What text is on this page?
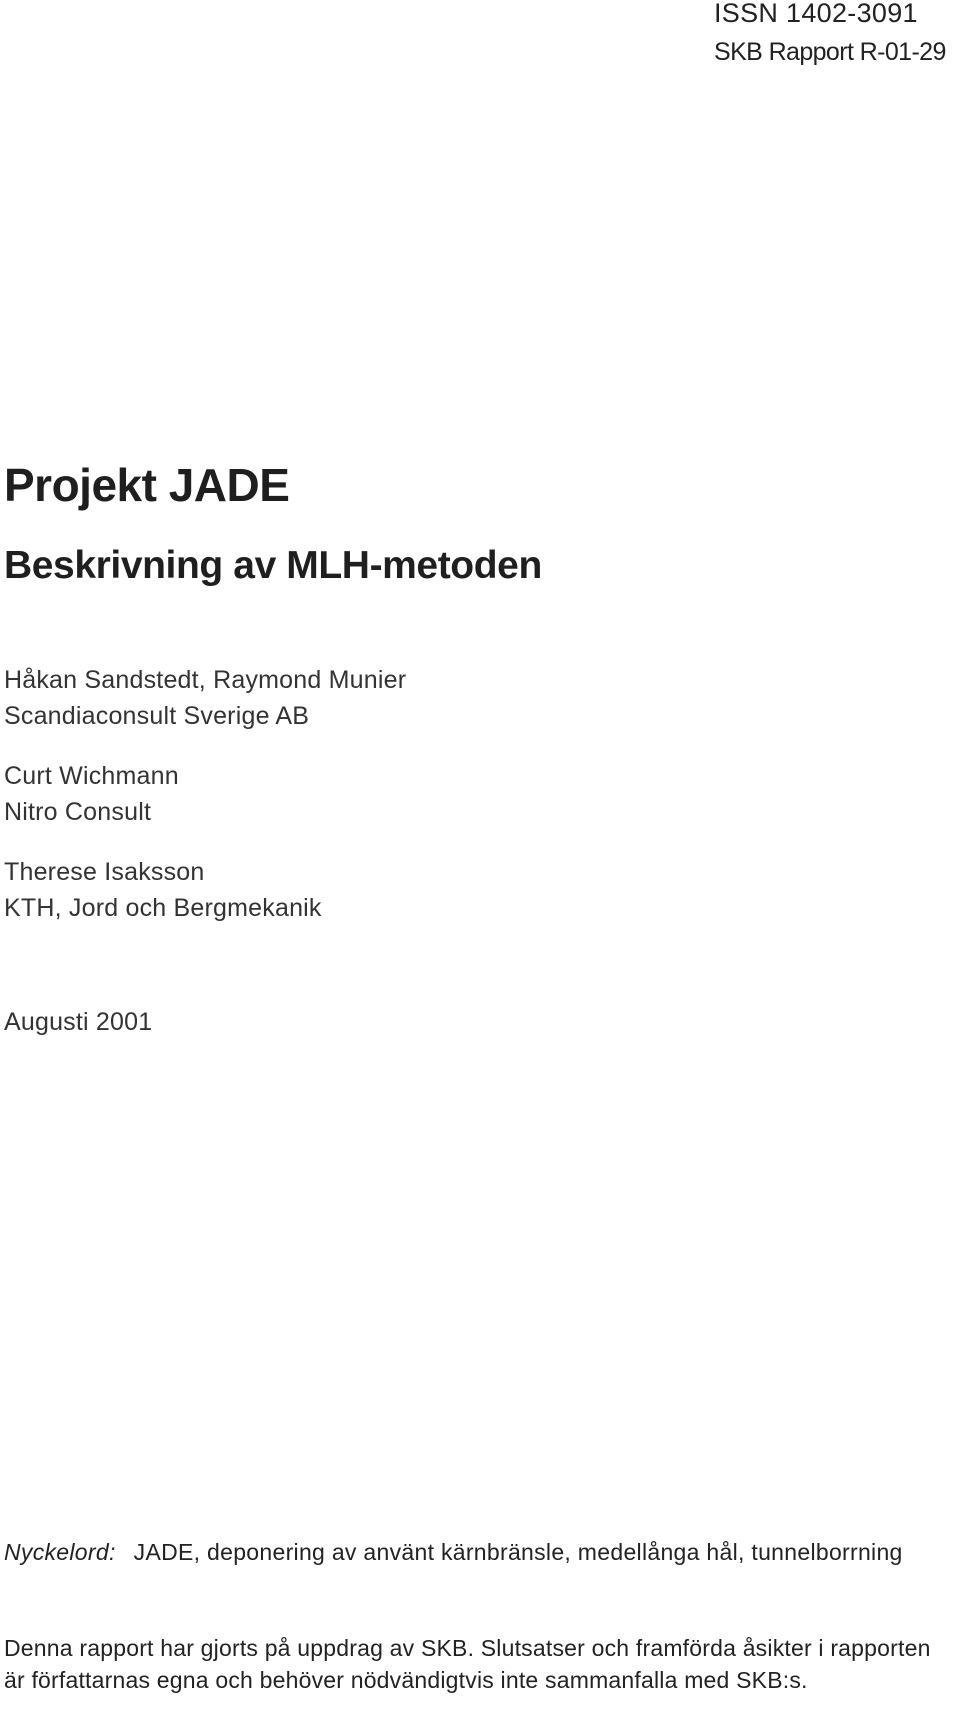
ISSN 1402-3091
SKB Rapport R-01-29
Projekt JADE
Beskrivning av MLH-metoden
Håkan Sandstedt, Raymond Munier
Scandiaconsult Sverige AB
Curt Wichmann
Nitro Consult
Therese Isaksson
KTH, Jord och Bergmekanik
Augusti 2001
Nyckelord: JADE, deponering av använt kärnbränsle, medellånga hål, tunnelborrning
Denna rapport har gjorts på uppdrag av SKB. Slutsatser och framförda åsikter i rapporten är författarnas egna och behöver nödvändigtvis inte sammanfalla med SKB:s.
